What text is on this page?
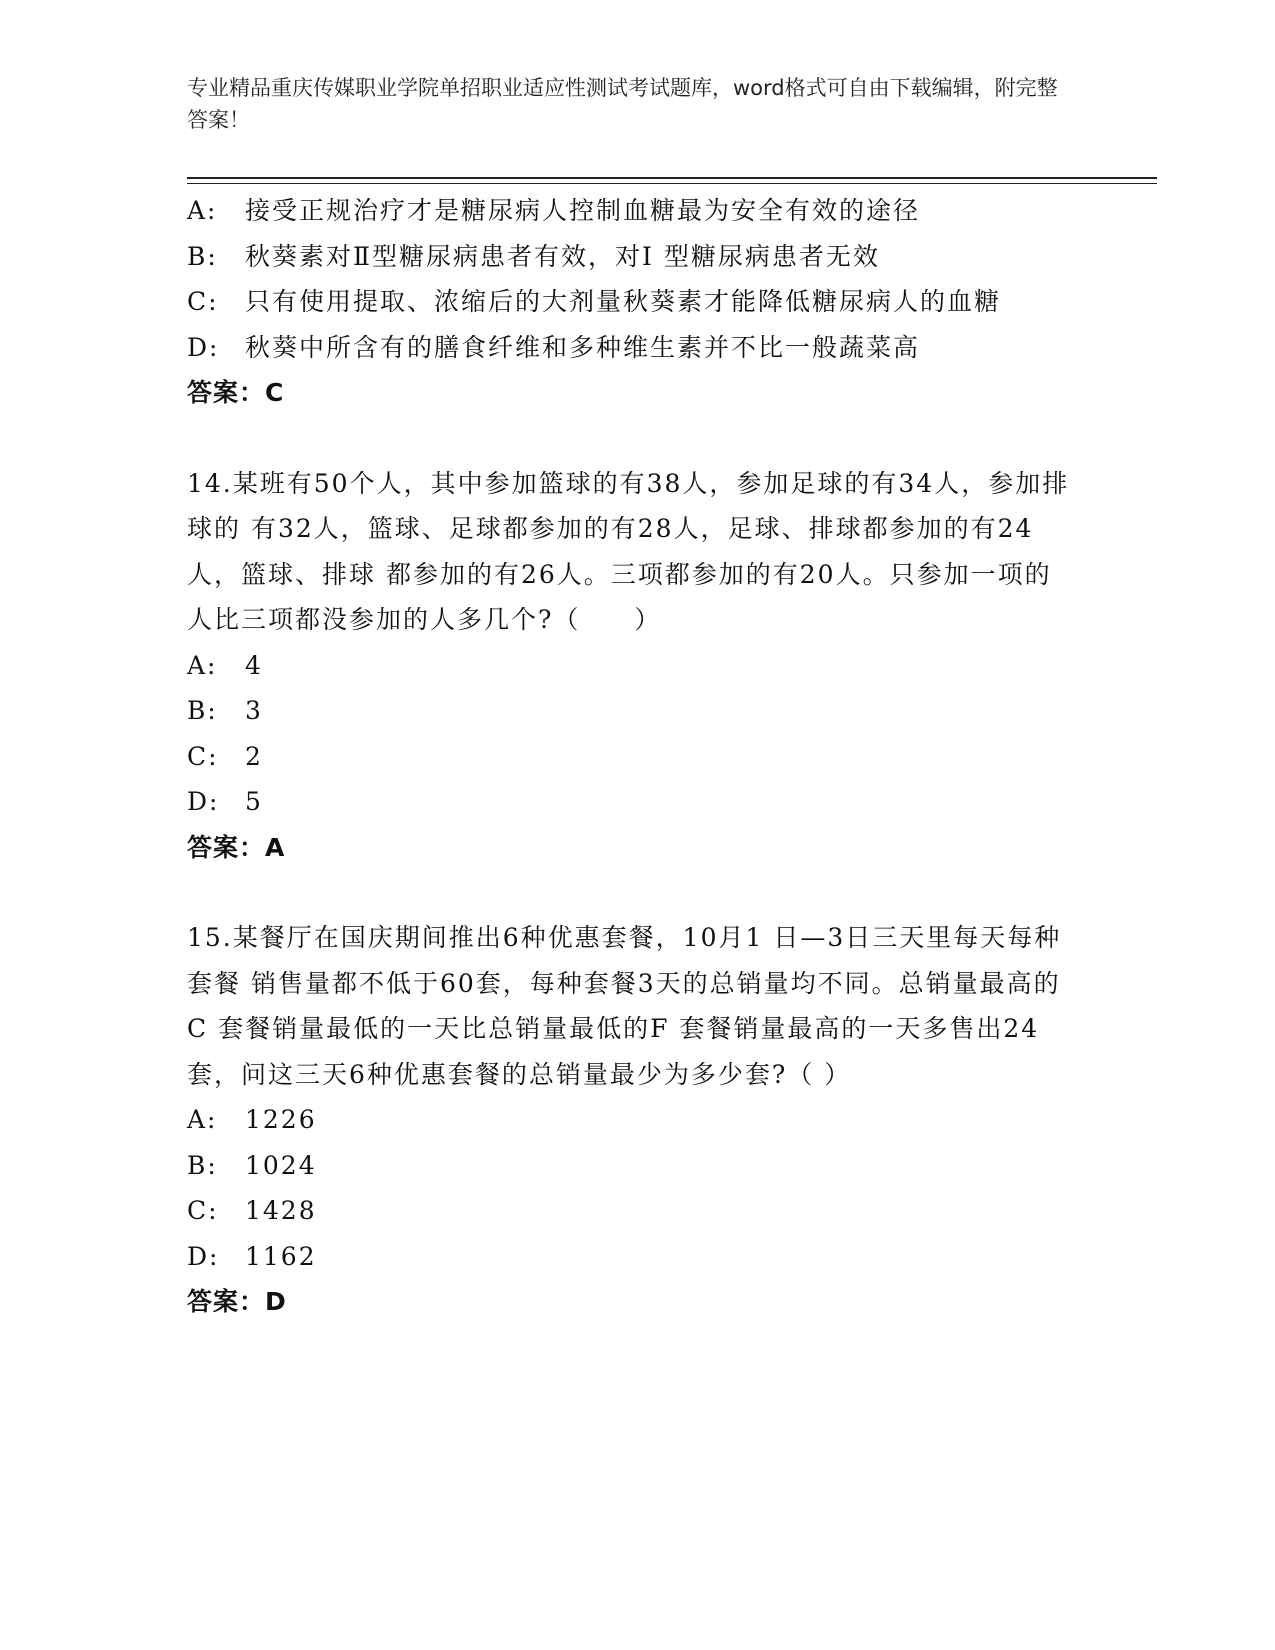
专业精品重庆传媒职业学院单招职业适应性测试考试题库，word格式可自由下载编辑，附完整答案！
A:	接受正规治疗才是糖尿病人控制血糖最为安全有效的途径
B:	秋葵素对Ⅱ型糖尿病患者有效，对Ⅰ 型糖尿病患者无效
C:	只有使用提取、浓缩后的大剂量秋葵素才能降低糖尿病人的血糖
D:	秋葵中所含有的膳食纤维和多种维生素并不比一般蔬菜高
答案：C
14.某班有50个人，其中参加篮球的有38人，参加足球的有34人，参加排球的 有32人，篮球、足球都参加的有28人，足球、排球都参加的有24人，篮球、排球 都参加的有26人。三项都参加的有20人。只参加一项的人比三项都没参加的人多几个?（　　）
A:	4
B:	3
C:	2
D:	5
答案：A
15.某餐厅在国庆期间推出6种优惠套餐，10月1 日—3日三天里每天每种套餐 销售量都不低于60套，每种套餐3天的总销量均不同。总销量最高的C 套餐销量最低的一天比总销量最低的F 套餐销量最高的一天多售出24套，问这三天6种优惠套餐的总销量最少为多少套?（ ）
A:	1226
B:	1024
C:	1428
D:	1162
答案：D
